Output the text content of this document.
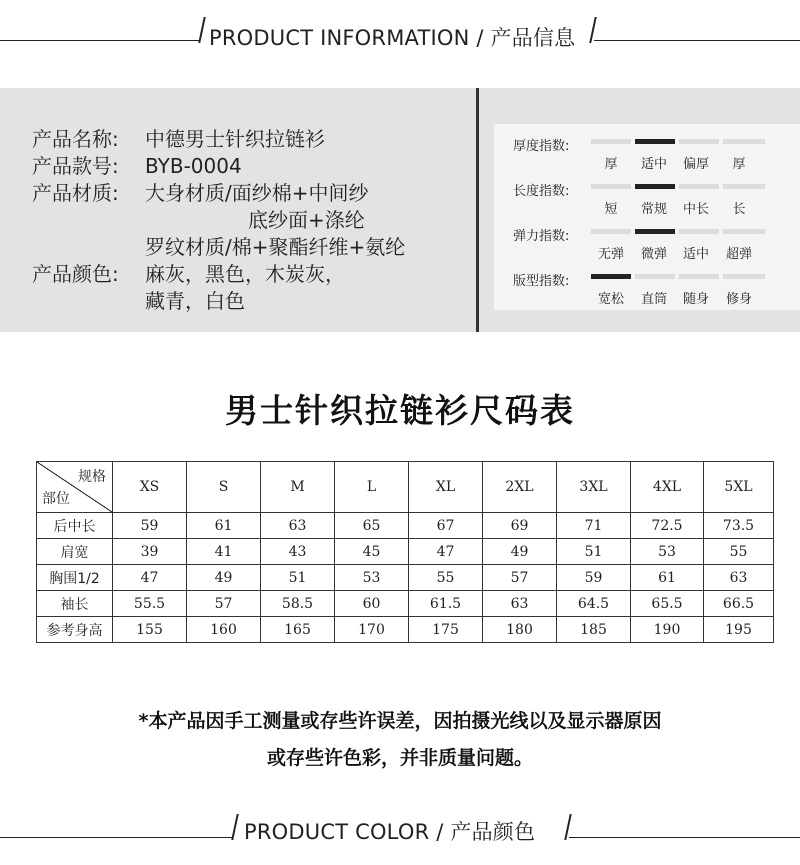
PRODUCT INFORMATION / 产品信息
产品名称:	中德男士针织拉链衫
产品款号:	BYB-0004
产品材质:	大身材质/面纱棉+中间纱
底纱面+涤纶
罗纹材质/棉+聚酯纤维+氨纶
产品颜色:	麻灰，黑色，木炭灰，
藏青，白色
厚度指数:
厚 适中 偏厚 厚
长度指数:
短 常规 中长 长
弹力指数:
无弹 微弹 适中 超弹
版型指数:
宽松 直筒 随身 修身
男士针织拉链衫尺码表
规格
部位	XS	S	M	L	XL	2XL	3XL	4XL	5XL
后中长	59	61	63	65	67	69	71	72.5	73.5
肩宽	39	41	43	45	47	49	51	53	55
胸围1/2	47	49	51	53	55	57	59	61	63
袖长	55.5	57	58.5	60	61.5	63	64.5	65.5	66.5
参考身高	155	160	165	170	175	180	185	190	195
*本产品因手工测量或存些许误差，因拍摄光线以及显示器原因
或存些许色彩，并非质量问题。
PRODUCT COLOR / 产品颜色
